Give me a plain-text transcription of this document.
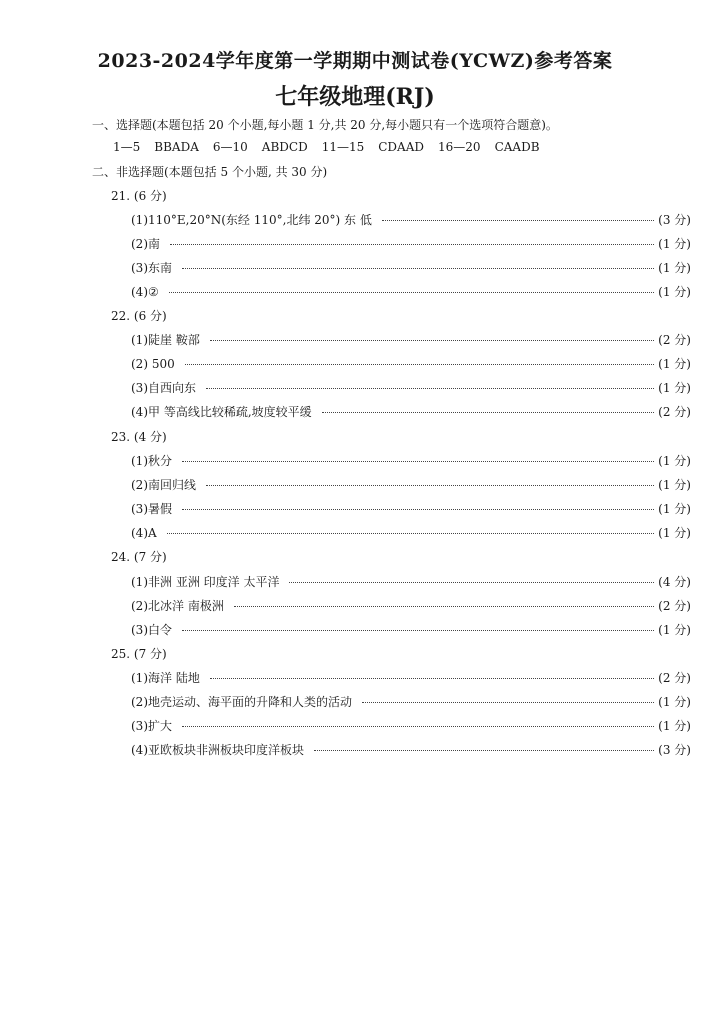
2023-2024学年度第一学期期中测试卷(YCWZ)参考答案
七年级地理(RJ)
一、选择题(本题包括 20 个小题,每小题 1 分,共 20 分,每小题只有一个选项符合题意)。
1—5 BBADA 6—10 ABDCD 11—15 CDAAD 16—20 CAADB
二、非选择题(本题包括 5 个小题, 共 30 分)
21. (6 分)
(1)110°E,20°N(东经 110°,北纬 20°) 东 低	(3 分)
(2)南	(1 分)
(3)东南	(1 分)
(4)②	(1 分)
22. (6 分)
(1)陡崖 鞍部	(2 分)
(2) 500	(1 分)
(3)自西向东	(1 分)
(4)甲 等高线比较稀疏,坡度较平缓	(2 分)
23. (4 分)
(1)秋分	(1 分)
(2)南回归线	(1 分)
(3)暑假	(1 分)
(4)A	(1 分)
24. (7 分)
(1)非洲 亚洲 印度洋 太平洋	(4 分)
(2)北冰洋 南极洲	(2 分)
(3)白令	(1 分)
25. (7 分)
(1)海洋 陆地	(2 分)
(2)地壳运动、海平面的升降和人类的活动	(1 分)
(3)扩大	(1 分)
(4)亚欧板块非洲板块印度洋板块	(3 分)
